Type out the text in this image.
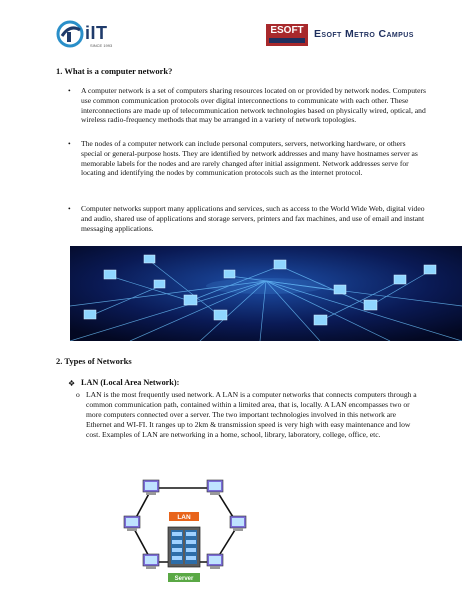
iIT
SINCE 1993
ESOFT Esoft Metro Campus
1. What is a computer network?
• A computer network is a set of computers sharing resources located on or provided by network nodes. Computers use common communication protocols over digital interconnections to communicate with each other. These interconnections are made up of telecommunication network technologies based on physically wired, optical, and wireless radio-frequency methods that may be arranged in a variety of network topologies.
• The nodes of a computer network can include personal computers, servers, networking hardware, or others special or general-purpose hosts. They are identified by network addresses and many have hostnames server as memorable labels for the nodes and are rarely changed after initial assignment. Network addresses serve for locating and identifying the nodes by communication protocols such as the internet protocol.
• Computer networks support many applications and services, such as access to the World Wide Web, digital video and audio, shared use of applications and storage servers, printers and fax machines, and use of email and instant messaging applications.
2. Types of Networks
❖ LAN (Local Area Network):
o LAN is the most frequently used network. A LAN is a computer networks that connects computers through a common communication path, contained within a limited area, that is, locally. A LAN encompasses two or more computers connected over a server. The two important technologies involved in this network are Ethernet and WI-FI. It ranges up to 2km & transmission speed is very high with easy maintenance and low cost. Examples of LAN are networking in a home, school, library, laboratory, college, office, etc.
LAN
Server
